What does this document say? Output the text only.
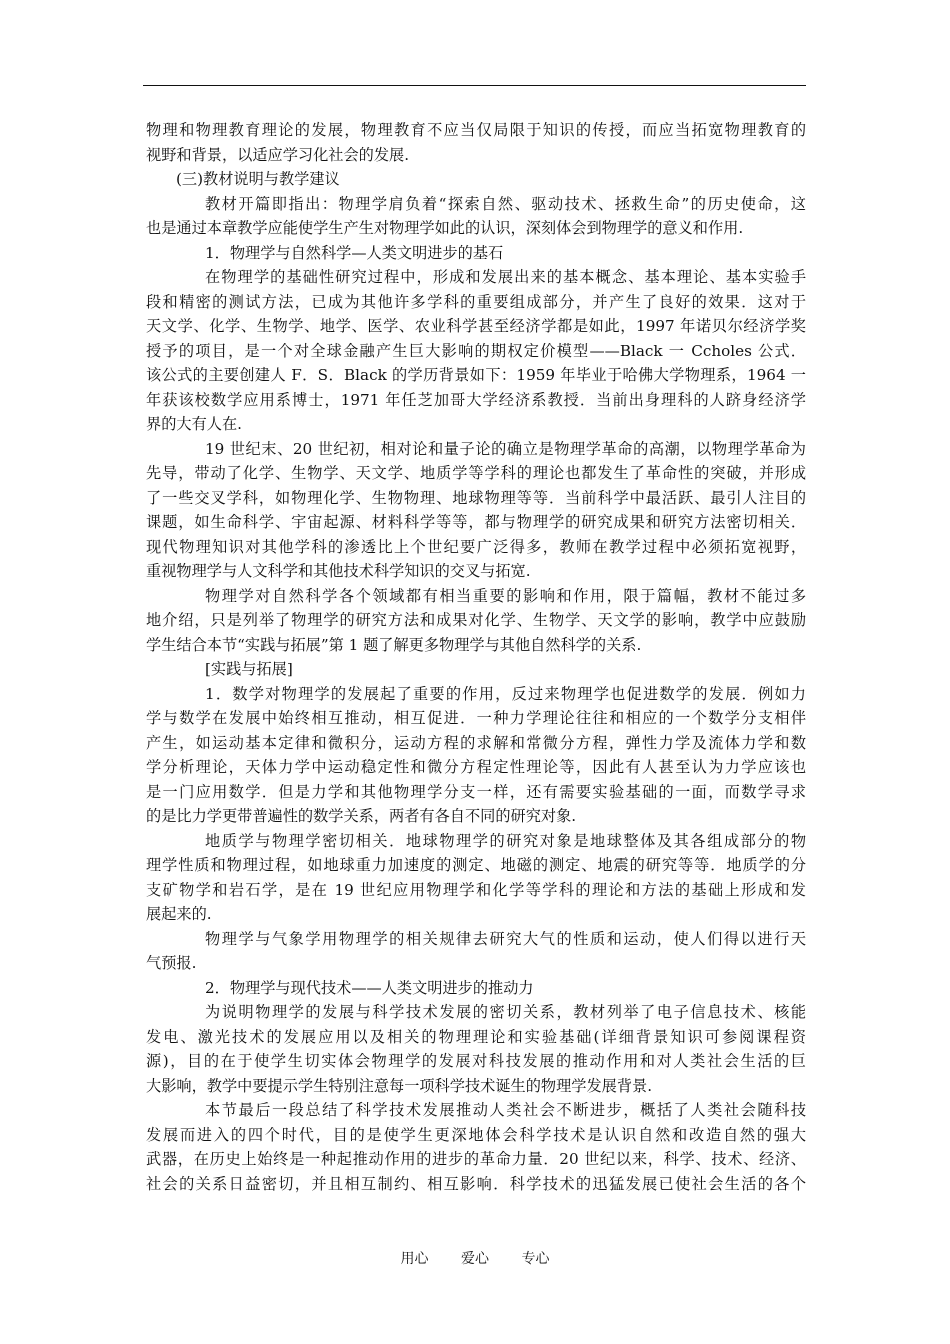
物理和物理教育理论的发展，物理教育不应当仅局限于知识的传授，而应当拓宽物理教育的
视野和背景，以适应学习化社会的发展.
(三)教材说明与教学建议
教材开篇即指出：物理学肩负着“探索自然、驱动技术、拯救生命”的历史使命，这
也是通过本章教学应能使学生产生对物理学如此的认识，深刻体会到物理学的意义和作用.
1．物理学与自然科学—人类文明进步的基石
在物理学的基础性研究过程中，形成和发展出来的基本概念、基本理论、基本实验手
段和精密的测试方法，已成为其他许多学科的重要组成部分，并产生了良好的效果．这对于
天文学、化学、生物学、地学、医学、农业科学甚至经济学都是如此，1997 年诺贝尔经济学奖
授予的项目，是一个对全球金融产生巨大影响的期权定价模型——Black 一 Ccholes 公式．
该公式的主要创建人 F．S．Black 的学历背景如下：1959 年毕业于哈佛大学物理系，1964 一
年获该校数学应用系博士，1971 年任芝加哥大学经济系教授．当前出身理科的人跻身经济学
界的大有人在.
19 世纪末、20 世纪初，相对论和量子论的确立是物理学革命的高潮，以物理学革命为
先导，带动了化学、生物学、天文学、地质学等学科的理论也都发生了革命性的突破，并形成
了一些交叉学科，如物理化学、生物物理、地球物理等等．当前科学中最活跃、最引人注目的
课题，如生命科学、宇宙起源、材料科学等等，都与物理学的研究成果和研究方法密切相关．
现代物理知识对其他学科的渗透比上个世纪要广泛得多，教师在教学过程中必须拓宽视野，
重视物理学与人文科学和其他技术科学知识的交叉与拓宽.
物理学对自然科学各个领域都有相当重要的影响和作用，限于篇幅，教材不能过多
地介绍，只是列举了物理学的研究方法和成果对化学、生物学、天文学的影响，教学中应鼓励
学生结合本节“实践与拓展”第 1 题了解更多物理学与其他自然科学的关系.
[实践与拓展]
1．数学对物理学的发展起了重要的作用，反过来物理学也促进数学的发展．例如力
学与数学在发展中始终相互推动，相互促进．一种力学理论往往和相应的一个数学分支相伴
产生，如运动基本定律和微积分，运动方程的求解和常微分方程，弹性力学及流体力学和数
学分析理论，天体力学中运动稳定性和微分方程定性理论等，因此有人甚至认为力学应该也
是一门应用数学．但是力学和其他物理学分支一样，还有需要实验基础的一面，而数学寻求
的是比力学更带普遍性的数学关系，两者有各自不同的研究对象.
地质学与物理学密切相关．地球物理学的研究对象是地球整体及其各组成部分的物
理学性质和物理过程，如地球重力加速度的测定、地磁的测定、地震的研究等等．地质学的分
支矿物学和岩石学，是在 19 世纪应用物理学和化学等学科的理论和方法的基础上形成和发
展起来的.
物理学与气象学用物理学的相关规律去研究大气的性质和运动，使人们得以进行天
气预报.
2．物理学与现代技术——人类文明进步的推动力
为说明物理学的发展与科学技术发展的密切关系，教材列举了电子信息技术、核能
发电、激光技术的发展应用以及相关的物理理论和实验基础(详细背景知识可参阅课程资
源)，目的在于使学生切实体会物理学的发展对科技发展的推动作用和对人类社会生活的巨
大影响，教学中要提示学生特别注意每一项科学技术诞生的物理学发展背景.
本节最后一段总结了科学技术发展推动人类社会不断进步，概括了人类社会随科技
发展而进入的四个时代，目的是使学生更深地体会科学技术是认识自然和改造自然的强大
武器，在历史上始终是一种起推动作用的进步的革命力量．20 世纪以来，科学、技术、经济、
社会的关系日益密切，并且相互制约、相互影响．科学技术的迅猛发展已使社会生活的各个
用心 爱心 专心
